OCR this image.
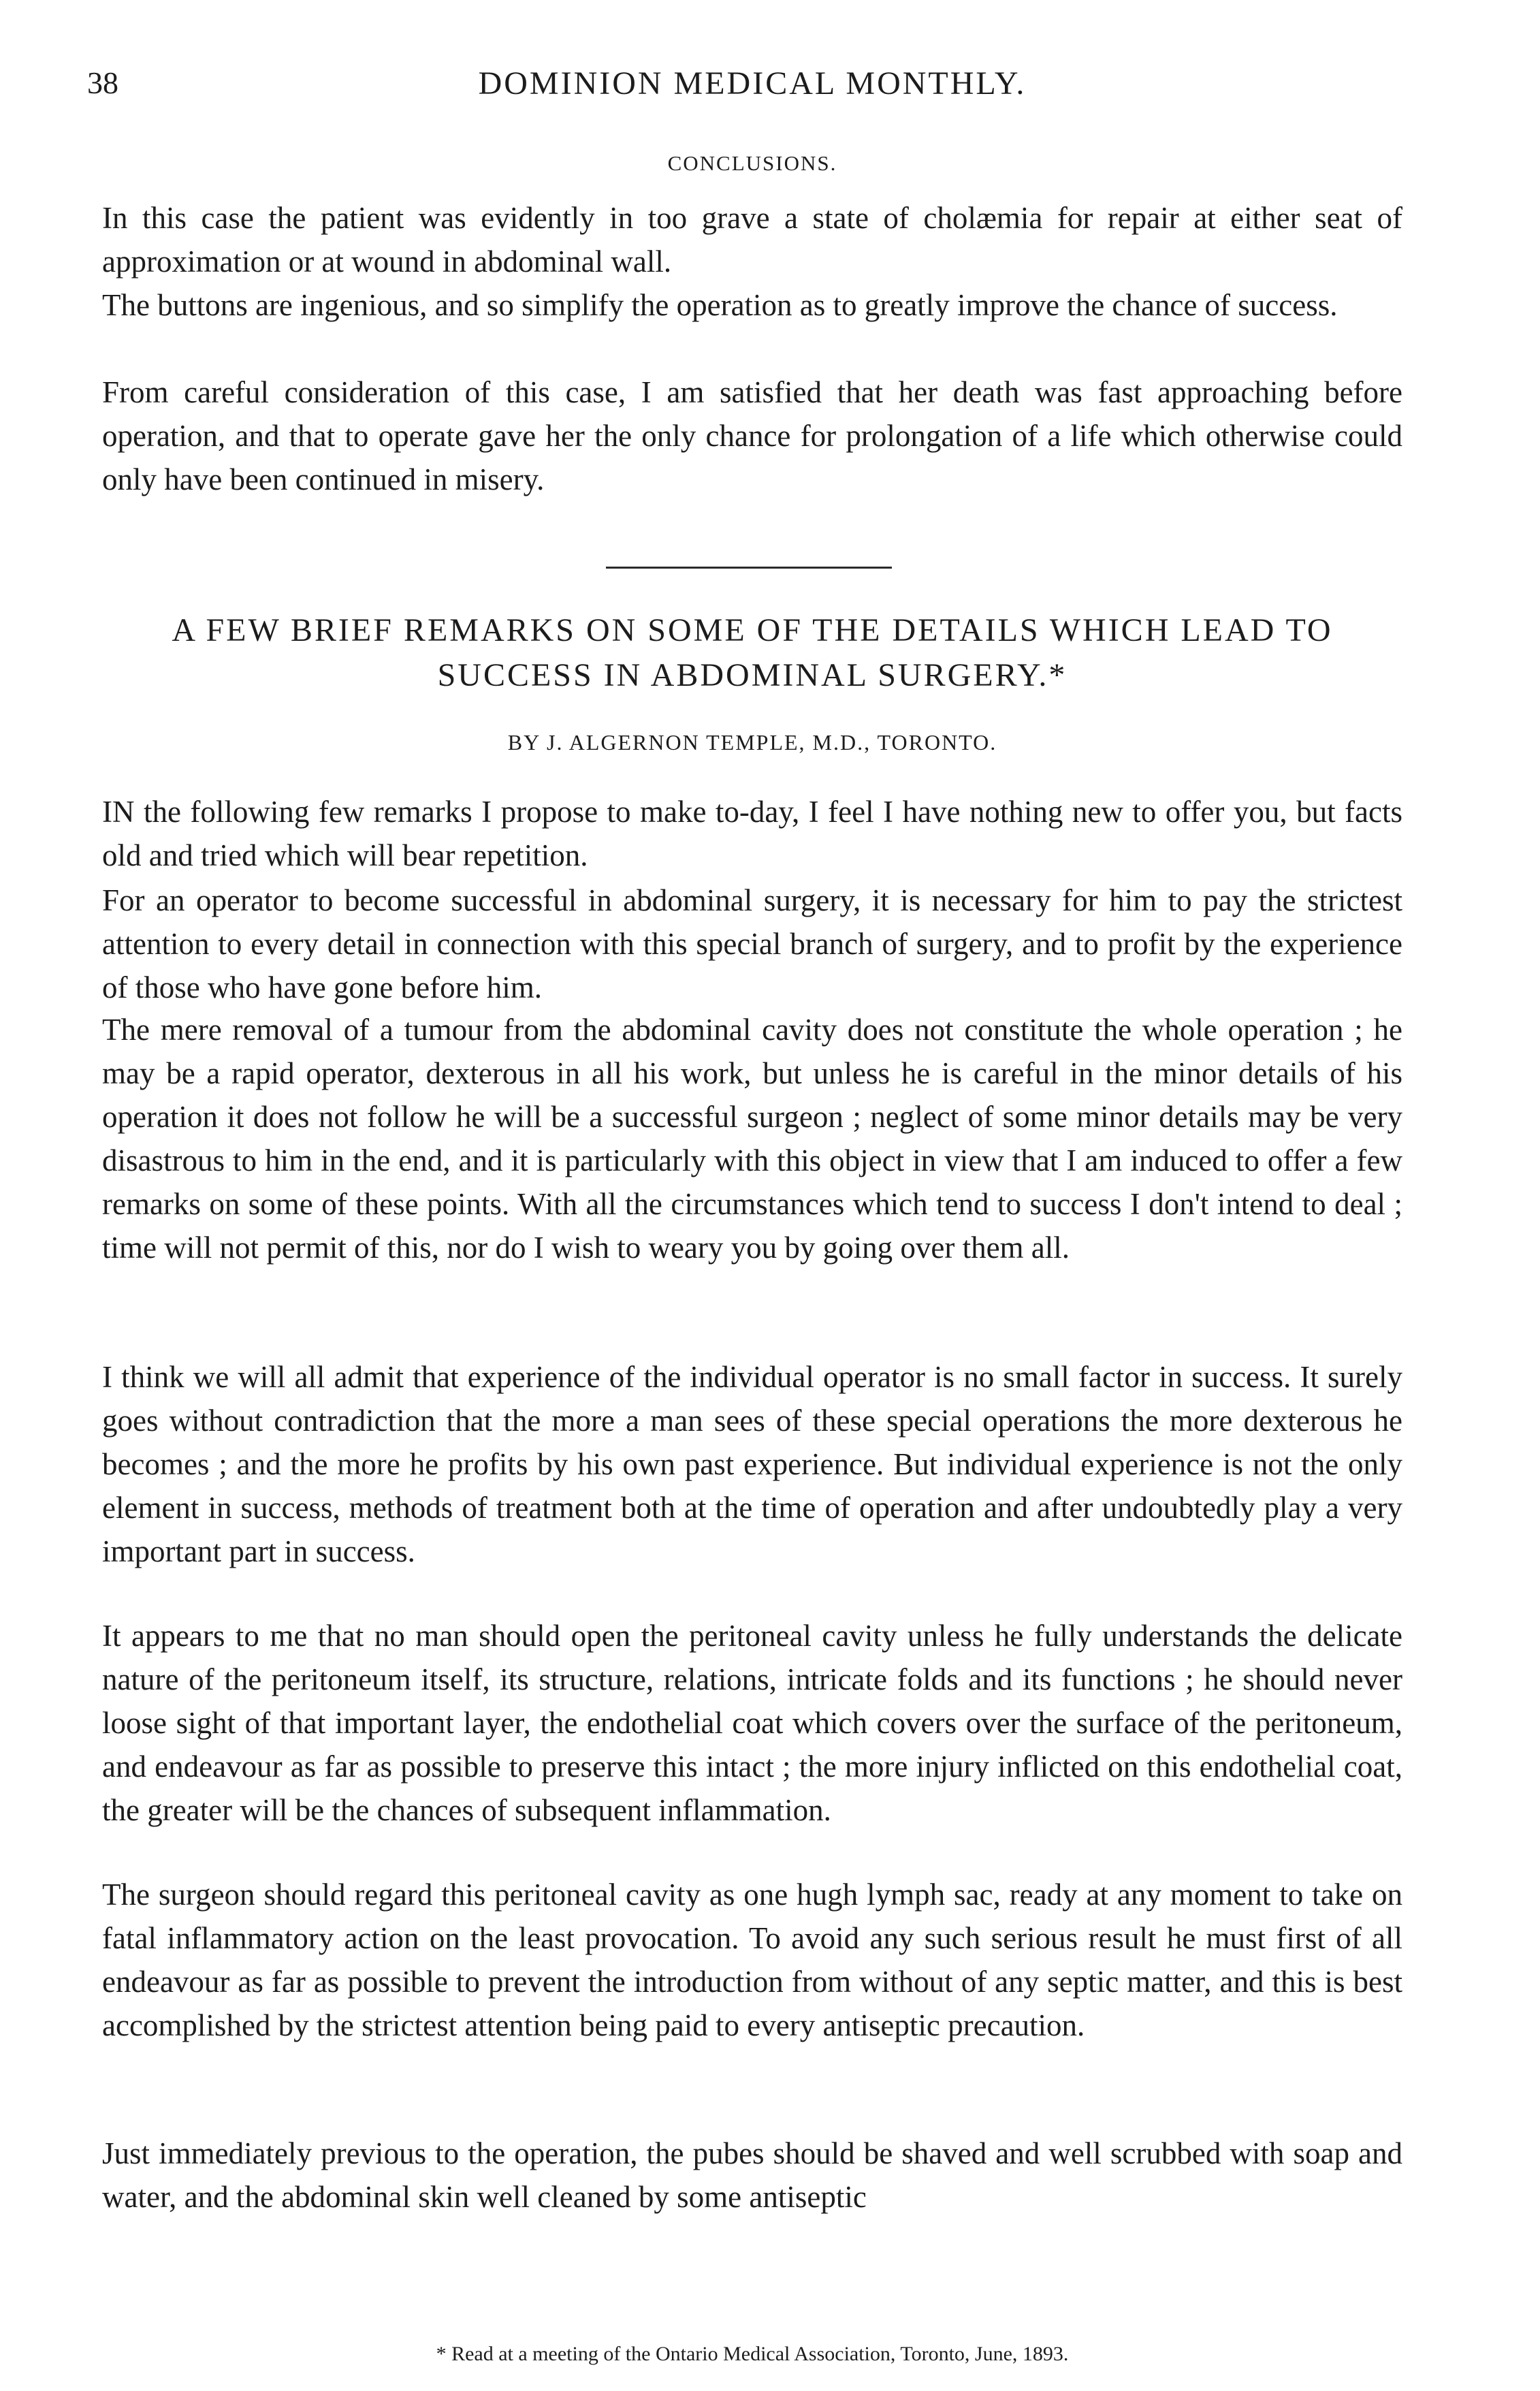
38	DOMINION MEDICAL MONTHLY.
CONCLUSIONS.

In this case the patient was evidently in too grave a state of cholæmia for repair at either seat of approximation or at wound in abdominal wall.

The buttons are ingenious, and so simplify the operation as to greatly improve the chance of success.

From careful consideration of this case, I am satisfied that her death was fast approaching before operation, and that to operate gave her the only chance for prolongation of a life which otherwise could only have been continued in misery.

A FEW BRIEF REMARKS ON SOME OF THE DETAILS WHICH LEAD TO SUCCESS IN ABDOMINAL SURGERY.*
BY J. ALGERNON TEMPLE, M.D., TORONTO.

IN the following few remarks I propose to make to-day, I feel I have nothing new to offer you, but facts old and tried which will bear repetition.

For an operator to become successful in abdominal surgery, it is necessary for him to pay the strictest attention to every detail in connection with this special branch of surgery, and to profit by the experience of those who have gone before him.

The mere removal of a tumour from the abdominal cavity does not constitute the whole operation ; he may be a rapid operator, dexterous in all his work, but unless he is careful in the minor details of his operation it does not follow he will be a successful surgeon ; neglect of some minor details may be very disastrous to him in the end, and it is particularly with this object in view that I am induced to offer a few remarks on some of these points. With all the circumstances which tend to success I don't intend to deal ; time will not permit of this, nor do I wish to weary you by going over them all.

I think we will all admit that experience of the individual operator is no small factor in success. It surely goes without contradiction that the more a man sees of these special operations the more dexterous he becomes ; and the more he profits by his own past experience. But individual experience is not the only element in success, methods of treatment both at the time of operation and after undoubtedly play a very important part in success.

It appears to me that no man should open the peritoneal cavity unless he fully understands the delicate nature of the peritoneum itself, its structure, relations, intricate folds and its functions ; he should never loose sight of that important layer, the endothelial coat which covers over the surface of the peritoneum, and endeavour as far as possible to preserve this intact ; the more injury inflicted on this endothelial coat, the greater will be the chances of subsequent inflammation.

The surgeon should regard this peritoneal cavity as one hugh lymph sac, ready at any moment to take on fatal inflammatory action on the least provocation. To avoid any such serious result he must first of all endeavour as far as possible to prevent the introduction from without of any septic matter, and this is best accomplished by the strictest attention being paid to every antiseptic precaution.

Just immediately previous to the operation, the pubes should be shaved and well scrubbed with soap and water, and the abdominal skin well cleaned by some antiseptic

* Read at a meeting of the Ontario Medical Association, Toronto, June, 1893.
